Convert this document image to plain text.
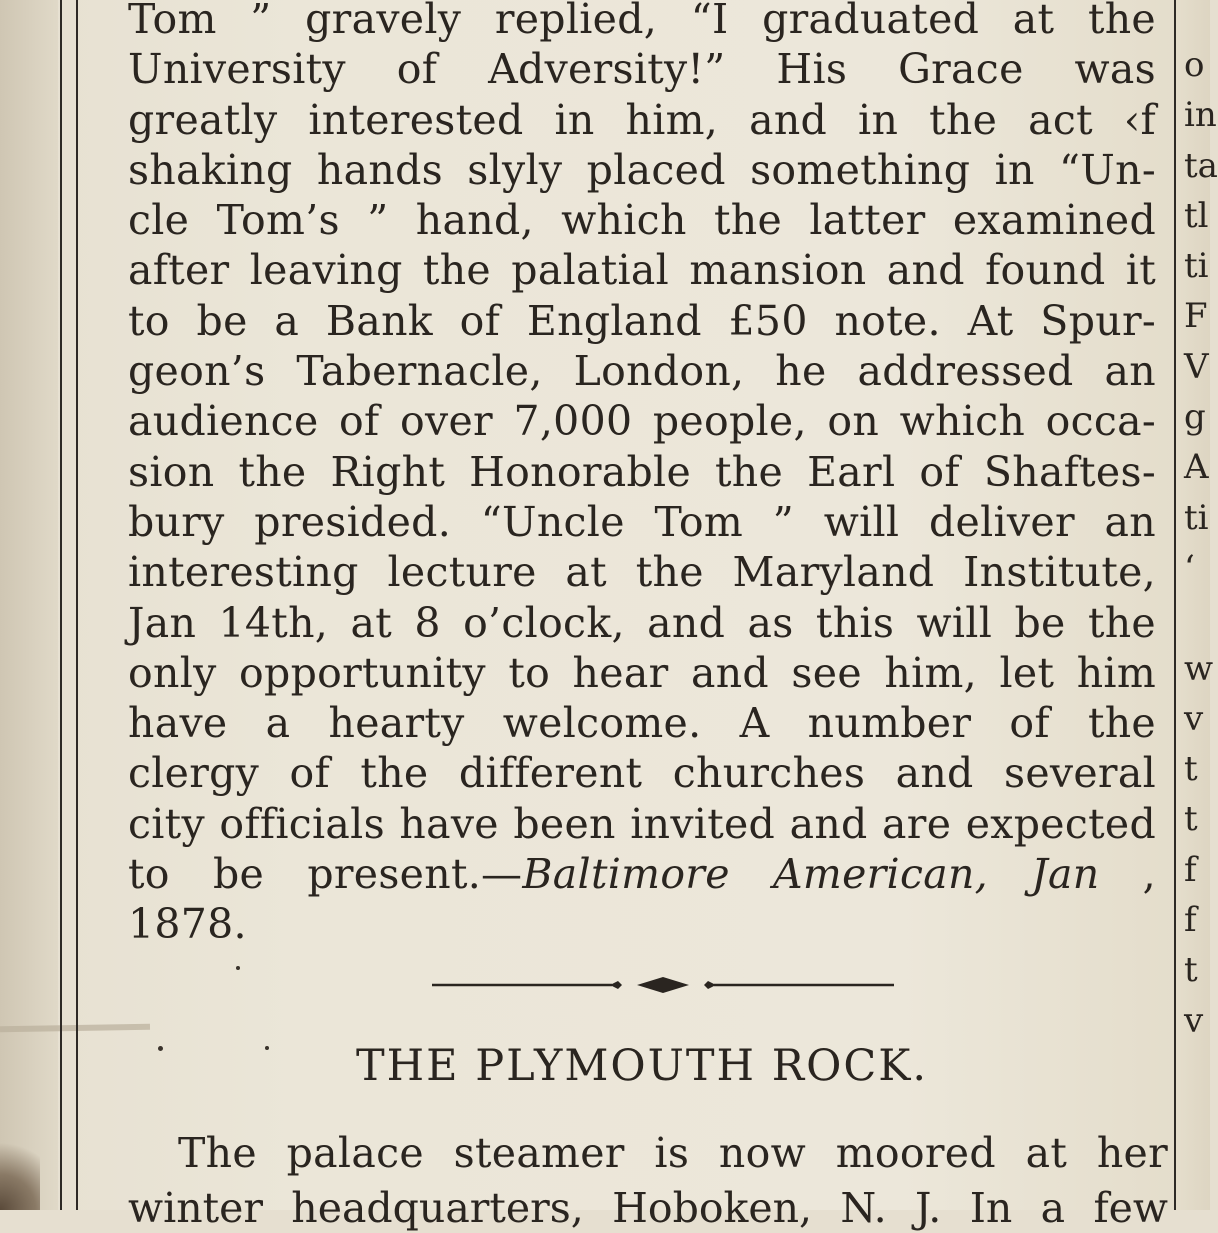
Tom ” gravely replied, “I graduated at the
University of Adversity!” His Grace was
greatly interested in him, and in the act ‹f
shaking hands slyly placed something in “Un-
cle Tom’s ” hand, which the latter examined
after leaving the palatial mansion and found it
to be a Bank of England £50 note. At Spur-
geon’s Tabernacle, London, he addressed an
audience of over 7,000 people, on which occa-
sion the Right Honorable the Earl of Shaftes-
bury presided. “Uncle Tom ” will deliver an
interesting lecture at the Maryland Institute,
Jan 14th, at 8 o’clock, and as this will be the
only opportunity to hear and see him, let him
have a hearty welcome. A number of the
clergy of the different churches and several
city officials have been invited and are expected
to be present.—Baltimore American, Jan ,
1878.
THE PLYMOUTH ROCK.
The palace steamer is now moored at her
winter headquarters, Hoboken, N. J. In a few
o
in
ta
tl
ti
F
V
g
A
ti
‘
w
v
t
t
f
f
t
v
